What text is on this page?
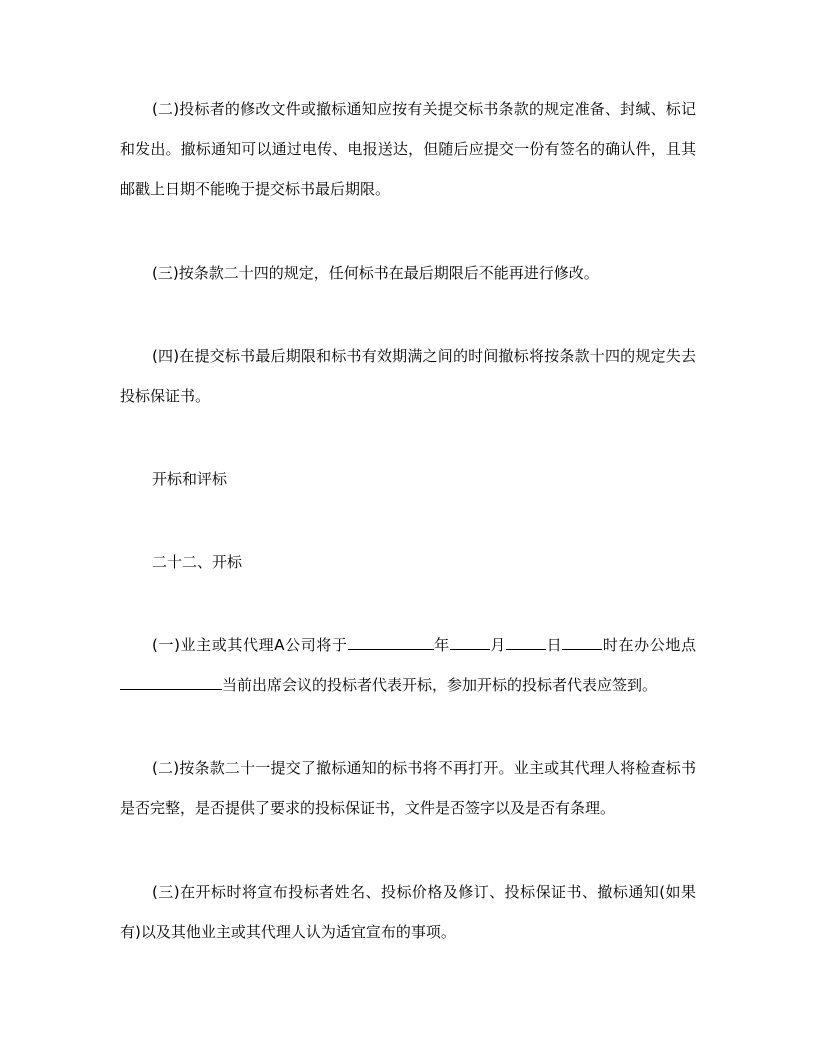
(二)投标者的修改文件或撤标通知应按有关提交标书条款的规定准备、封缄、标记和发出。撤标通知可以通过电传、电报送达，但随后应提交一份有签名的确认件，且其邮戳上日期不能晚于提交标书最后期限。

(三)按条款二十四的规定，任何标书在最后期限后不能再进行修改。

(四)在提交标书最后期限和标书有效期满之间的时间撤标将按条款十四的规定失去投标保证书。

开标和评标

二十二、开标

(一)业主或其代理A公司将于	年	月	日	时在办公地点当前出席会议的投标者代表开标，参加开标的投标者代表应签到。

(二)按条款二十一提交了撤标通知的标书将不再打开。业主或其代理人将检查标书是否完整，是否提供了要求的投标保证书，文件是否签字以及是否有条理。

(三)在开标时将宣布投标者姓名、投标价格及修订、投标保证书、撤标通知(如果有)以及其他业主或其代理人认为适宜宣布的事项。
